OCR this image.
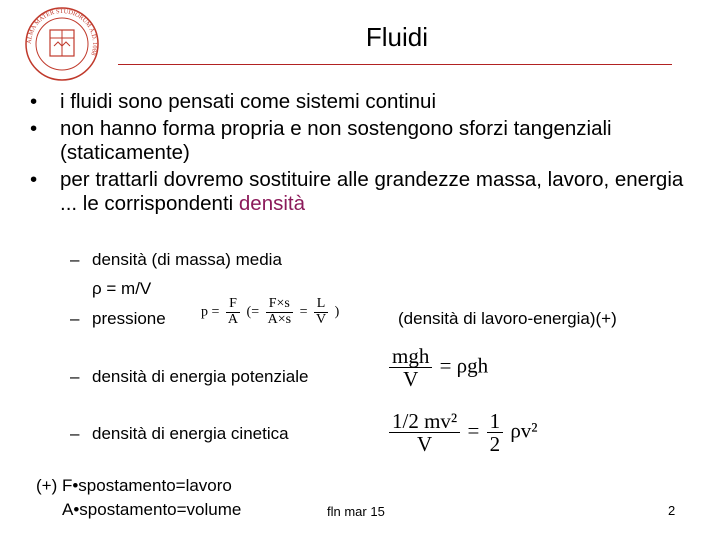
ALMA MATER STUDIORUM A.D. 1088
Fluidi
• i fluidi sono pensati come sistemi continui
• non hanno forma propria e non sostengono sforzi tangenziali (staticamente)
• per trattarli dovremo sostituire alle grandezze massa, lavoro, energia ... le corrispondenti densità
– densità (di massa) media
ρ = m/V
– pressione	$p = \frac{F}{A}$ (= $\frac{F\times s}{A\times s} = \frac{L}{V}$ )	(densità di lavoro-energia)(+)
– densità di energia potenziale	$\frac{\text{mgh}}{V} = \rho gh$
– densità di energia cinetica	$\frac{\text{1/2 mv²}}{V} = \frac{1}{2} \rho v^2$
(+) F•spostamento=lavoro
A•spostamento=volume	fln mar 15	2
